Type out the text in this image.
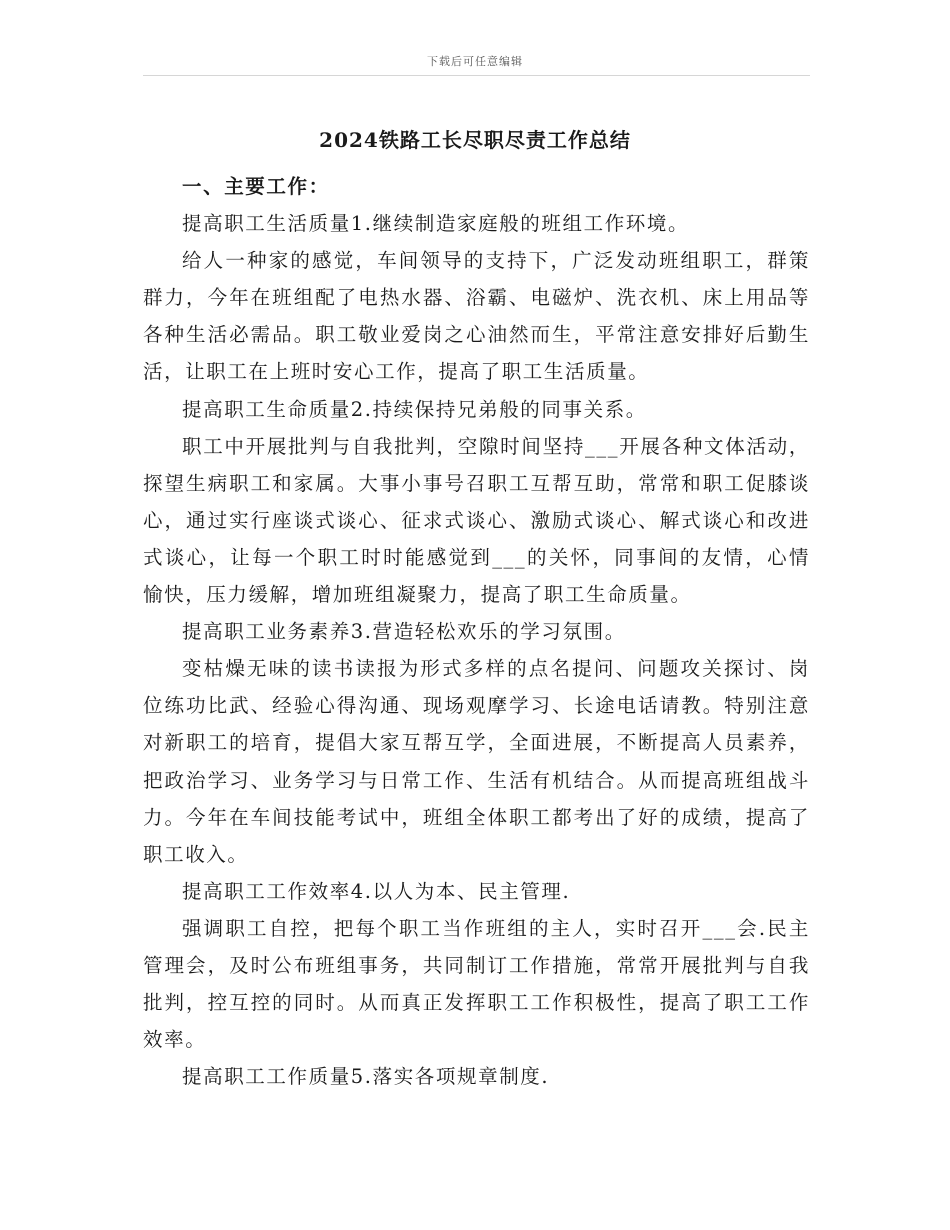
下载后可任意编辑
2024铁路工长尽职尽责工作总结
一、主要工作：

提高职工生活质量1.继续制造家庭般的班组工作环境。

给人一种家的感觉，车间领导的支持下，广泛发动班组职工，群策群力，今年在班组配了电热水器、浴霸、电磁炉、洗衣机、床上用品等各种生活必需品。职工敬业爱岗之心油然而生，平常注意安排好后勤生活，让职工在上班时安心工作，提高了职工生活质量。

提高职工生命质量2.持续保持兄弟般的同事关系。

职工中开展批判与自我批判，空隙时间坚持___开展各种文体活动，探望生病职工和家属。大事小事号召职工互帮互助，常常和职工促膝谈心，通过实行座谈式谈心、征求式谈心、激励式谈心、解式谈心和改进式谈心，让每一个职工时时能感觉到___的关怀，同事间的友情，心情愉快，压力缓解，增加班组凝聚力，提高了职工生命质量。

提高职工业务素养3.营造轻松欢乐的学习氛围。

变枯燥无味的读书读报为形式多样的点名提问、问题攻关探讨、岗位练功比武、经验心得沟通、现场观摩学习、长途电话请教。特别注意对新职工的培育，提倡大家互帮互学，全面进展，不断提高人员素养，把政治学习、业务学习与日常工作、生活有机结合。从而提高班组战斗力。今年在车间技能考试中，班组全体职工都考出了好的成绩，提高了职工收入。

提高职工工作效率4.以人为本、民主管理.

强调职工自控，把每个职工当作班组的主人，实时召开___会.民主管理会，及时公布班组事务，共同制订工作措施，常常开展批判与自我批判，控互控的同时。从而真正发挥职工工作积极性，提高了职工工作效率。

提高职工工作质量5.落实各项规章制度.
